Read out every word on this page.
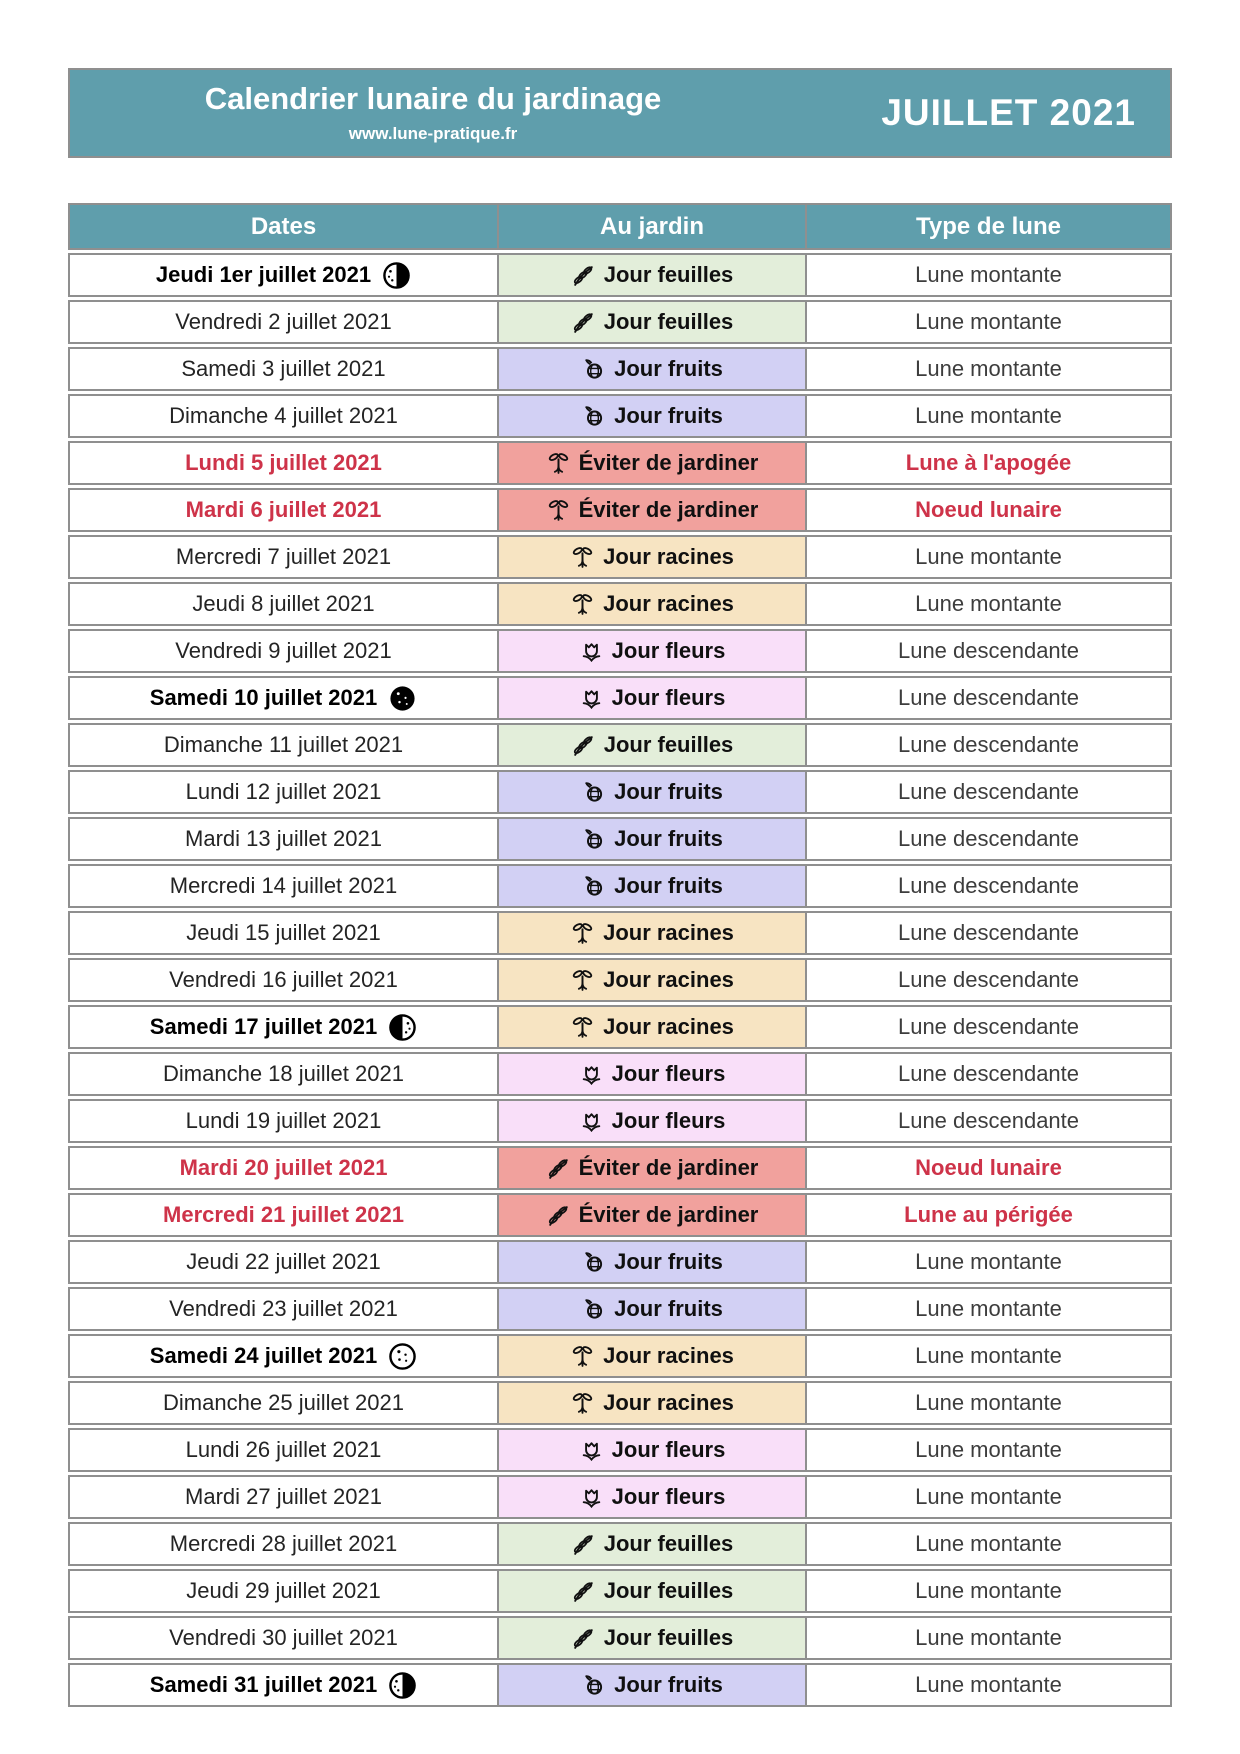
Calendrier lunaire du jardinage
www.lune-pratique.fr
JUILLET 2021
Dates	Au jardin	Type de lune
Jeudi 1er juillet 2021	Jour feuilles	Lune montante
Vendredi 2 juillet 2021	Jour feuilles	Lune montante
Samedi 3 juillet 2021	Jour fruits	Lune montante
Dimanche 4 juillet 2021	Jour fruits	Lune montante
Lundi 5 juillet 2021	Éviter de jardiner	Lune à l'apogée
Mardi 6 juillet 2021	Éviter de jardiner	Noeud lunaire
Mercredi 7 juillet 2021	Jour racines	Lune montante
Jeudi 8 juillet 2021	Jour racines	Lune montante
Vendredi 9 juillet 2021	Jour fleurs	Lune descendante
Samedi 10 juillet 2021	Jour fleurs	Lune descendante
Dimanche 11 juillet 2021	Jour feuilles	Lune descendante
Lundi 12 juillet 2021	Jour fruits	Lune descendante
Mardi 13 juillet 2021	Jour fruits	Lune descendante
Mercredi 14 juillet 2021	Jour fruits	Lune descendante
Jeudi 15 juillet 2021	Jour racines	Lune descendante
Vendredi 16 juillet 2021	Jour racines	Lune descendante
Samedi 17 juillet 2021	Jour racines	Lune descendante
Dimanche 18 juillet 2021	Jour fleurs	Lune descendante
Lundi 19 juillet 2021	Jour fleurs	Lune descendante
Mardi 20 juillet 2021	Éviter de jardiner	Noeud lunaire
Mercredi 21 juillet 2021	Éviter de jardiner	Lune au périgée
Jeudi 22 juillet 2021	Jour fruits	Lune montante
Vendredi 23 juillet 2021	Jour fruits	Lune montante
Samedi 24 juillet 2021	Jour racines	Lune montante
Dimanche 25 juillet 2021	Jour racines	Lune montante
Lundi 26 juillet 2021	Jour fleurs	Lune montante
Mardi 27 juillet 2021	Jour fleurs	Lune montante
Mercredi 28 juillet 2021	Jour feuilles	Lune montante
Jeudi 29 juillet 2021	Jour feuilles	Lune montante
Vendredi 30 juillet 2021	Jour feuilles	Lune montante
Samedi 31 juillet 2021	Jour fruits	Lune montante
